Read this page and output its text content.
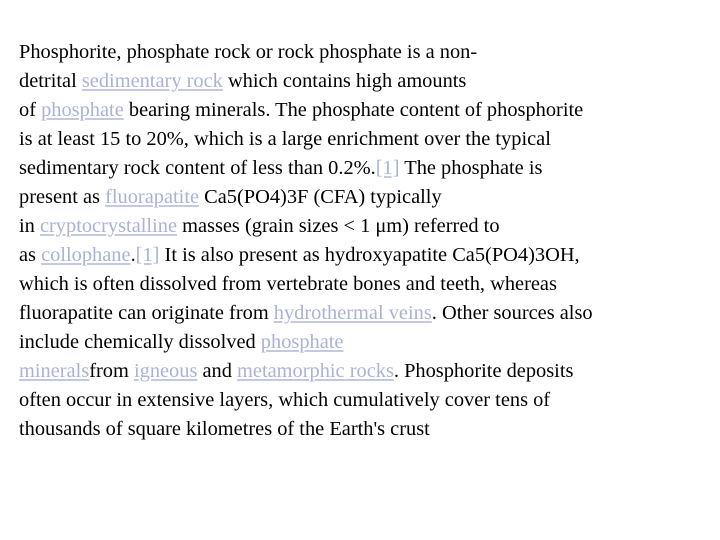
Phosphorite, phosphate rock or rock phosphate is a non-
detrital sedimentary rock which contains high amounts
of phosphate bearing minerals. The phosphate content of phosphorite
is at least 15 to 20%, which is a large enrichment over the typical
sedimentary rock content of less than 0.2%.[1] The phosphate is
present as fluorapatite Ca5(PO4)3F (CFA) typically
in cryptocrystalline masses (grain sizes < 1 μm) referred to
as collophane.[1] It is also present as hydroxyapatite Ca5(PO4)3OH,
which is often dissolved from vertebrate bones and teeth, whereas
fluorapatite can originate from hydrothermal veins. Other sources also
include chemically dissolved phosphate
mineralsfrom igneous and metamorphic rocks. Phosphorite deposits
often occur in extensive layers, which cumulatively cover tens of
thousands of square kilometres of the Earth's crust
